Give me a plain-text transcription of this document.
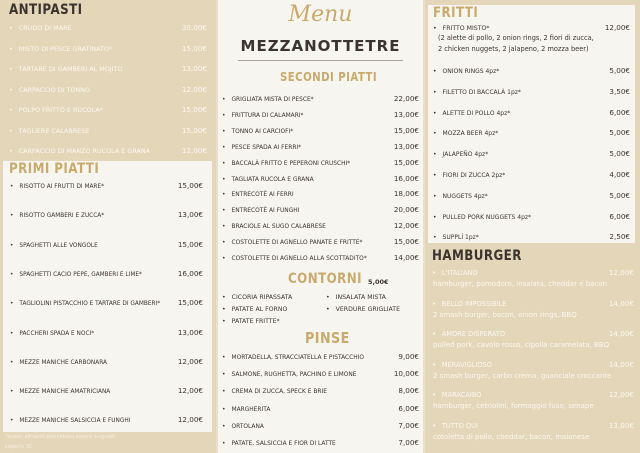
ANTIPASTI
• CRUDO DI MARE	30,00€
• MISTO DI PESCE GRATINATO*	15,00€
• TARTARE DI GAMBERI AL MOJITO	13,00€
• CARPACCIO DI TONNO	12,00€
• POLPO FRITTO E RUCOLA*	15,00€
• TAGLIERE CALABRESE	15,00€
• CARPACCIO DI MANZO RUCOLA E GRANA	12,00€
PRIMI PIATTI
• RISOTTO AI FRUTTI DI MARE*	15,00€
• RISOTTO GAMBERI E ZUCCA*	13,00€
• SPAGHETTI ALLE VONGOLE	15,00€
• SPAGHETTI CACIO PEPE, GAMBERI E LIME*	16,00€
• TAGLIOLINI PISTACCHIO E TARTARE DI GAMBERI* 15,00€
• PACCHERI SPADA E NOCI*	13,00€
• MEZZE MANICHE CARBONARA	12,00€
• MEZZE MANICHE AMATRICIANA	12,00€
• MEZZE MANICHE SALSICCIA E FUNGHI	12,00€
*questi alimenti potrebbero essere surgelati
coperto 3€
Menu
MEZZANOTTETRE
SECONDI PIATTI
• GRIGLIATA MISTA DI PESCE*	22,00€
• FRITTURA DI CALAMARI*	13,00€
• TONNO AI CARCIOFI*	15,00€
• PESCE SPADA AI FERRI*	13,00€
• BACCALÀ FRITTO E PEPERONI CRUSCHI*	15,00€
• TAGLIATA RUCOLA E GRANA	16,00€
• ENTRECOTÈ AI FERRI	18,00€
• ENTRECOTÈ AI FUNGHI	20,00€
• BRACIOLE AL SUGO CALABRESE	12,00€
• COSTOLETTE DI AGNELLO PANATE E FRITTE*	15,00€
• COSTOLETTE DI AGNELLO ALLA SCOTTADITO*	14,00€
CONTORNI 5,00€
• CICORIA RIPASSATA	• INSALATA MISTA
• PATATE AL FORNO	• VERDURE GRIGLIATE
• PATATE FRITTE*
PINSE
• MORTADELLA, STRACCIATELLA E PISTACCHIO	9,00€
• SALMONE, RUGHETTA, PACHINO E LIMONE	10,00€
• CREMA DI ZUCCA, SPECK E BRIE	8,00€
• MARGHERITA	6,00€
• ORTOLANA	7,00€
• PATATE, SALSICCIA E FIOR DI LATTE	7,00€
FRITTI
• FRITTO MISTO*	12,00€
(2 alette di pollo, 2 onion rings, 2 fiori di zucca,
2 chicken nuggets, 2 jalapeno, 2 mozza beer)
• ONION RINGS 4pz*	5,00€
• FILETTO DI BACCALÀ 1pz*	3,50€
• ALETTE DI POLLO 4pz*	6,00€
• MOZZA BEER 4pz*	5,00€
• JALAPEÑO 4pz*	5,00€
• FIORI DI ZUCCA 2pz*	4,00€
• NUGGETS 4pz*	5,00€
• PULLED PORK NUGGETS 4pz*	6,00€
• SUPPLÍ 1pz*	2,50€
HAMBURGER
• L'ITALIANO	12,00€
hamburger, pomodoro, insalata, cheddar e bacon
• BELLO IMPOSSIBILE	14,00€
2 smash burger, bacon, onion rings, BBQ
• AMORE DISPERATO	14,00€
pulled pork, cavolo rosso, cipolla caramelata, BBQ
• MERAVIGLIOSO	14,00€
2 smash burger, carbo crema, guanciale croccante
• MARACAIBO	12,00€
hamburger, cetriolini, formaggio fuso, senape
• TUTTO QUI	13,00€
cotoletta di pollo, cheddar, bacon, maionese
